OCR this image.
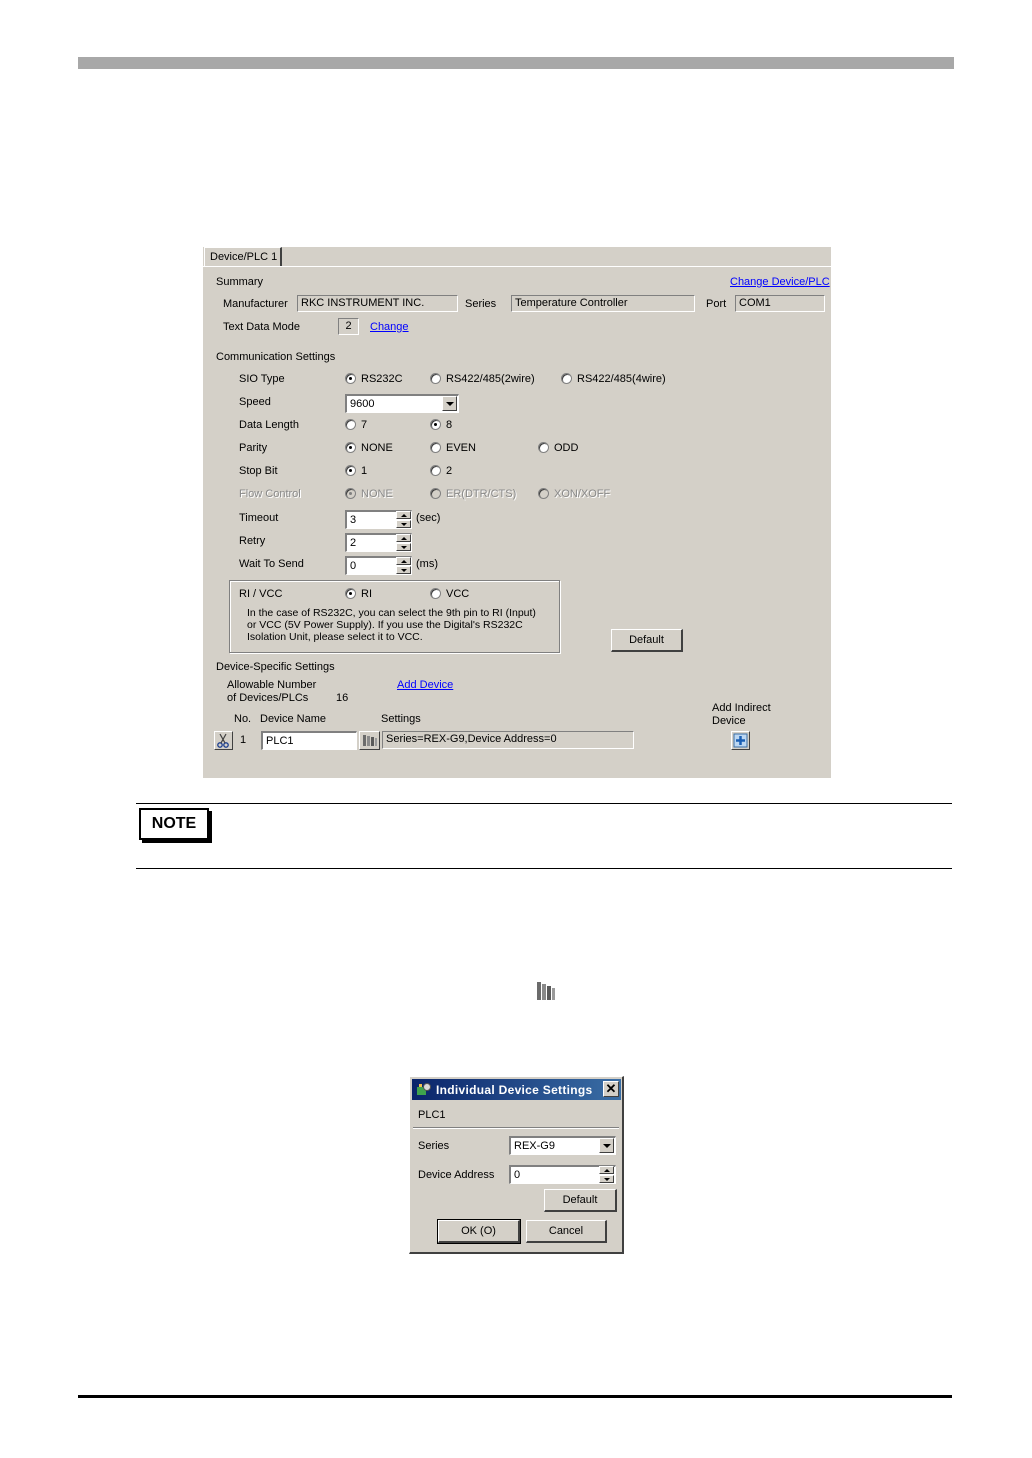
Device/PLC 1
Summary	Change Device/PLC
Manufacturer	RKC INSTRUMENT INC.	Series	Temperature Controller	Port	COM1
Text Data Mode	2	Change
Communication Settings
SIO Type	RS232C	RS422/485(2wire)	RS422/485(4wire)
Speed	9600
Data Length	7	8
Parity	NONE	EVEN	ODD
Stop Bit	1	2
Flow Control	NONE	ER(DTR/CTS)	XON/XOFF
Timeout	3	(sec)
Retry	2
Wait To Send	0	(ms)
RI / VCC	RI	VCC
In the case of RS232C, you can select the 9th pin to RI (Input)
or VCC (5V Power Supply). If you use the Digital's RS232C
Isolation Unit, please select it to VCC.	Default
Device-Specific Settings
Allowable Number
of Devices/PLCs	16
Add Device
No. Device Name	Settings
Add Indirect
Device
1	PLC1	Series=REX-G9,Device Address=0
NOTE
Individual Device Settings ✕
PLC1
Series	REX-G9
Device Address	0
Default
OK (O)	Cancel
